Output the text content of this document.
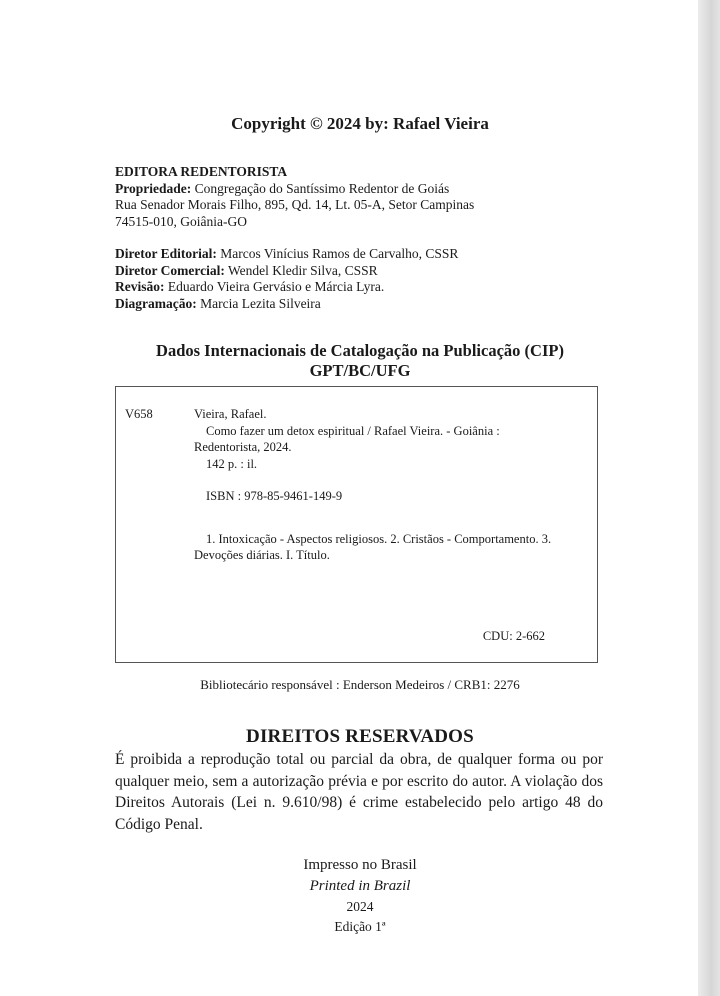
Copyright © 2024 by: Rafael Vieira
EDITORA REDENTORISTA
Propriedade: Congregação do Santíssimo Redentor de Goiás
Rua Senador Morais Filho, 895, Qd. 14, Lt. 05-A, Setor Campinas
74515-010, Goiânia-GO
Diretor Editorial: Marcos Vinícius Ramos de Carvalho, CSSR
Diretor Comercial: Wendel Kledir Silva, CSSR
Revisão: Eduardo Vieira Gervásio e Márcia Lyra.
Diagramação: Marcia Lezita Silveira
Dados Internacionais de Catalogação na Publicação (CIP)
GPT/BC/UFG
V658	Vieira, Rafael.
Como fazer um detox espiritual / Rafael Vieira. - Goiânia :
Redentorista, 2024.
142 p. : il.
ISBN : 978-85-9461-149-9
1. Intoxicação - Aspectos religiosos. 2. Cristãos - Comportamento. 3.
Devoções diárias. I. Título.
CDU: 2-662
Bibliotecário responsável : Enderson Medeiros / CRB1: 2276
DIREITOS RESERVADOS
É proibida a reprodução total ou parcial da obra, de qualquer forma ou por qualquer meio, sem a autorização prévia e por escrito do autor. A violação dos Direitos Autorais (Lei n. 9.610/98) é crime estabelecido pelo artigo 48 do Código Penal.
Impresso no Brasil
Printed in Brazil
2024
Edição 1ª
